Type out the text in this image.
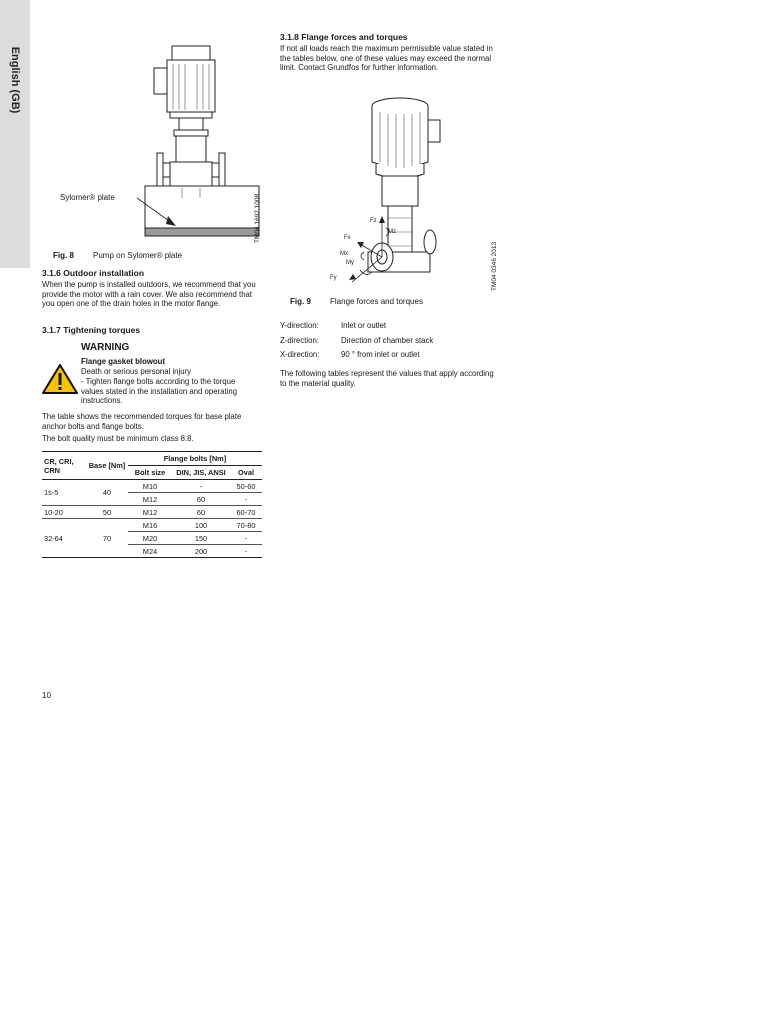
English (GB)
Sylomer® plate	TM04 1692 1008
Fig. 8 Pump on Sylomer® plate
3.1.6 Outdoor installation
When the pump is installed outdoors, we recommend that you provide the motor with a rain cover. We also recommend that you open one of the drain holes in the motor flange.
3.1.7 Tightening torques
WARNING
Flange gasket blowout
Death or serious personal injury
- Tighten flange bolts according to the torque values stated in the installation and operating instructions.
The table shows the recommended torques for base plate anchor bolts and flange bolts.
The bolt quality must be minimum class 8.8.
CR, CRI, CRN	Base [Nm]	Flange bolts [Nm]		
		Bolt size	DIN, JIS, ANSI	Oval
1s-5	40	M10	-	50-60
		M12	60	-
10-20	50	M12	60	60-70
32-64	70	M16	100	70-80
		M20	150	-
		M24	200	-
10
3.1.8 Flange forces and torques
If not all loads reach the maximum permissible value stated in the tables below, one of these values may exceed the normal limit. Contact Grundfos for further information.
Fz
Mz
Fx
Mx
Fy
My	TM04 0346 2013
Fig. 9 Flange forces and torques
Y-direction:	Inlet or outlet
Z-direction:	Direction of chamber stack
X-direction:	90 ° from inlet or outlet
The following tables represent the values that apply according to the material quality.
